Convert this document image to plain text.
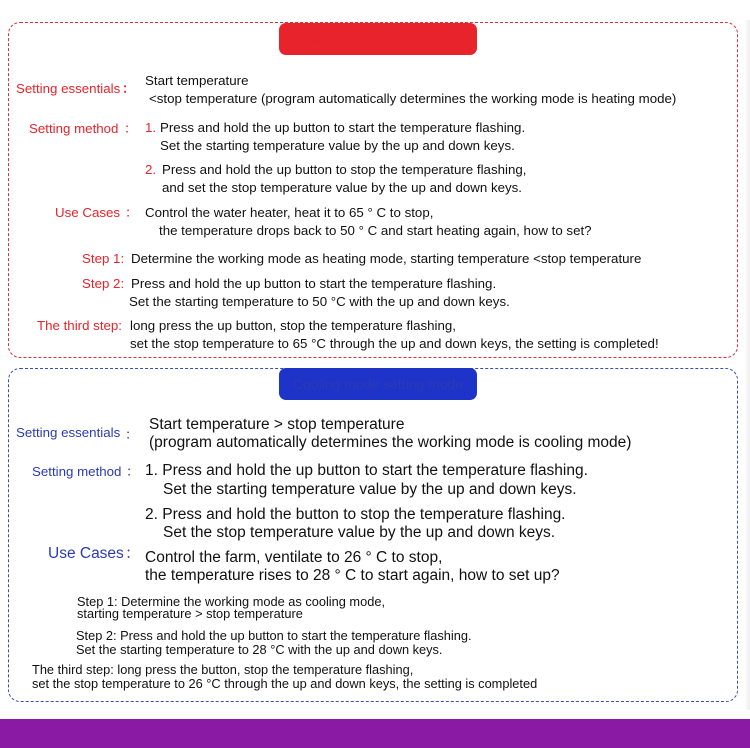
Heating mode setting mode
Setting essentials ：
Start temperature
<stop temperature (program automatically determines the working mode is heating mode)
Setting method ： 1. Press and hold the up button to start the temperature flashing.
Set the starting temperature value by the up and down keys.
2. Press and hold the up button to stop the temperature flashing,
and set the stop temperature value by the up and down keys.
Use Cases ： Control the water heater, heat it to 65 ° C to stop,
the temperature drops back to 50 ° C and start heating again, how to set?
Step 1: Determine the working mode as heating mode, starting temperature <stop temperature
Step 2: Press and hold the up button to start the temperature flashing.
Set the starting temperature to 50 °C with the up and down keys.
The third step: long press the up button, stop the temperature flashing,
set the stop temperature to 65 °C through the up and down keys, the setting is completed!
Cooling mode setting mode
Setting essentials ：
Start temperature > stop temperature
(program automatically determines the working mode is cooling mode)
Setting method ： 1. Press and hold the up button to start the temperature flashing.
Set the starting temperature value by the up and down keys.
2. Press and hold the button to stop the temperature flashing.
Set the stop temperature value by the up and down keys.
Use Cases ： Control the farm, ventilate to 26 ° C to stop,
the temperature rises to 28 ° C to start again, how to set up?
Step 1: Determine the working mode as cooling mode,
starting temperature > stop temperature
Step 2: Press and hold the up button to start the temperature flashing.
Set the starting temperature to 28 °C with the up and down keys.
The third step: long press the button, stop the temperature flashing,
set the stop temperature to 26 °C through the up and down keys, the setting is completed
